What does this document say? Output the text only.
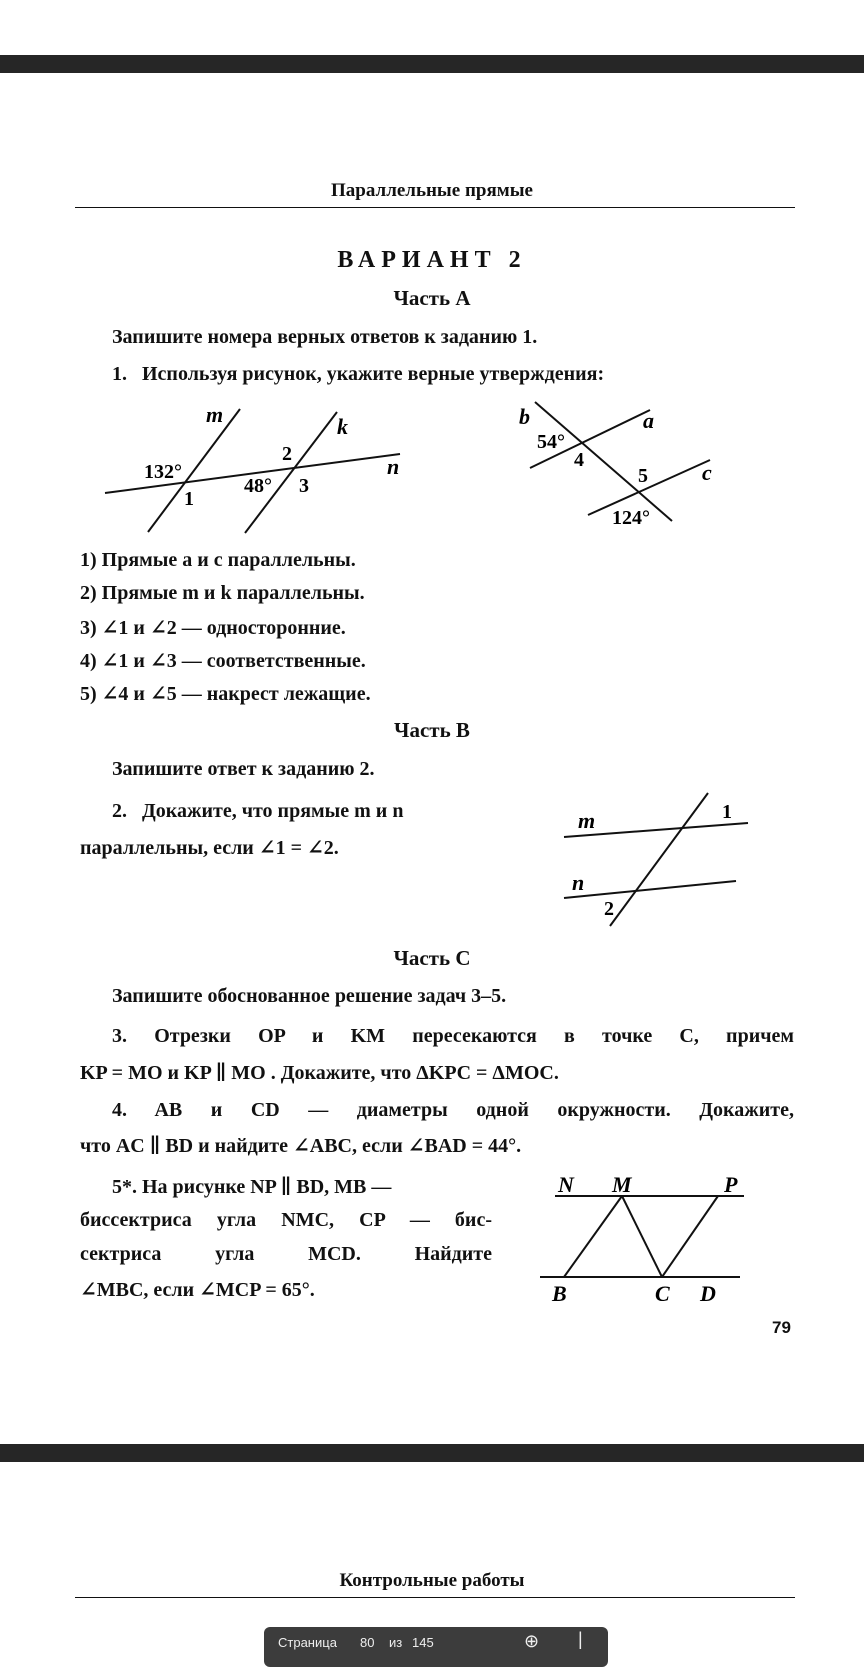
Параллельные прямые
ВАРИАНТ 2
Часть A
Запишите номера верных ответов к заданию 1.
1. Используя рисунок, укажите верные утверждения:
m	k
n
132°
1
2
48° 3
b	a
54°
4
5 c
124°
1) Прямые a и c параллельны.
2) Прямые m и k параллельны.
3) ∠1 и ∠2 — односторонние.
4) ∠1 и ∠3 — соответственные.
5) ∠4 и ∠5 — накрест лежащие.
Часть B
Запишите ответ к заданию 2.
2. Докажите, что прямые m и n
параллельны, если ∠1 = ∠2.
m	1
n
2
Часть C
Запишите обоснованное решение задач 3–5.
3. Отрезки OP и KM пересекаются в точке C, причем
KP = MO и KP ∥ MO . Докажите, что ΔKPC = ΔMOC.
4. AB и CD — диаметры одной окружности. Докажите,
что AC ∥ BD и найдите ∠ABC, если ∠BAD = 44°.
5*. На рисунке NP ∥ BD, MB —
биссектриса угла NMC, CP — бис-
сектриса угла MCD. Найдите
∠MBC, если ∠MCP = 65°.
N M	P
B	C D
79
Контрольные работы
Страница 80 из 145	⊕ |
